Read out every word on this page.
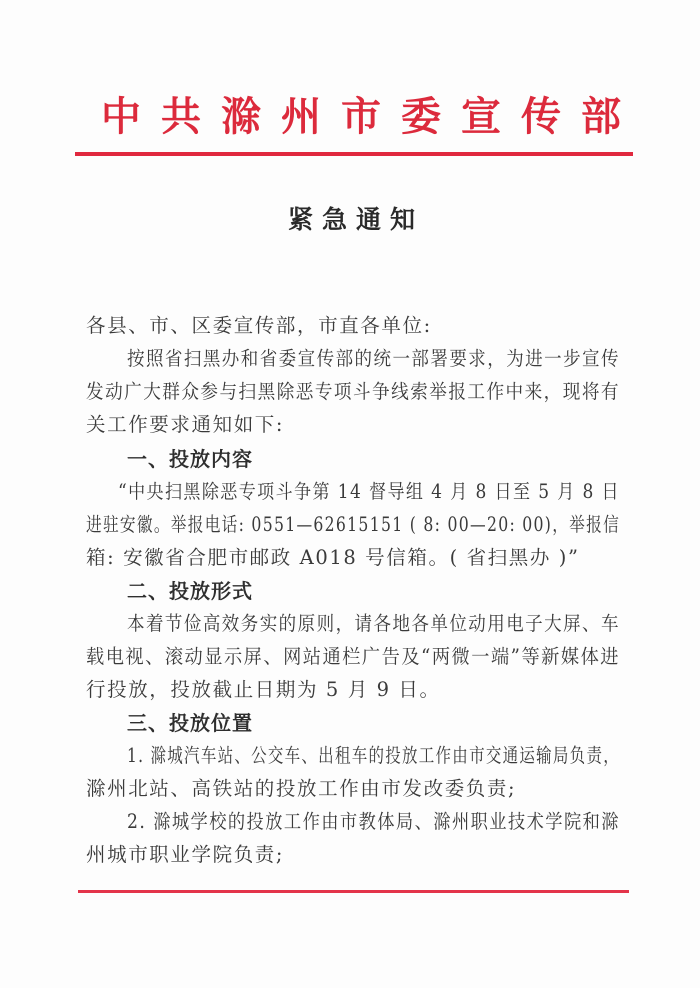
中 共 滁 州 市 委 宣 传 部
紧急通知
各县、市、区委宣传部，市直各单位:
按照省扫黑办和省委宣传部的统一部署要求，为进一步宣传
发动广大群众参与扫黑除恶专项斗争线索举报工作中来，现将有
关工作要求通知如下:
一、投放内容
“中央扫黑除恶专项斗争第 14 督导组 4 月 8 日至 5 月 8 日
进驻安徽。举报电话: 0551—62615151 ( 8: 00—20: 00)，举报信
箱: 安徽省合肥市邮政 A018 号信箱。( 省扫黑办 )”
二、投放形式
本着节俭高效务实的原则，请各地各单位动用电子大屏、车
载电视、滚动显示屏、网站通栏广告及“两微一端”等新媒体进
行投放，投放截止日期为 5 月 9 日。
三、投放位置
1. 滁城汽车站、公交车、出租车的投放工作由市交通运输局负责，
滁州北站、高铁站的投放工作由市发改委负责;
2. 滁城学校的投放工作由市教体局、滁州职业技术学院和滁
州城市职业学院负责;
